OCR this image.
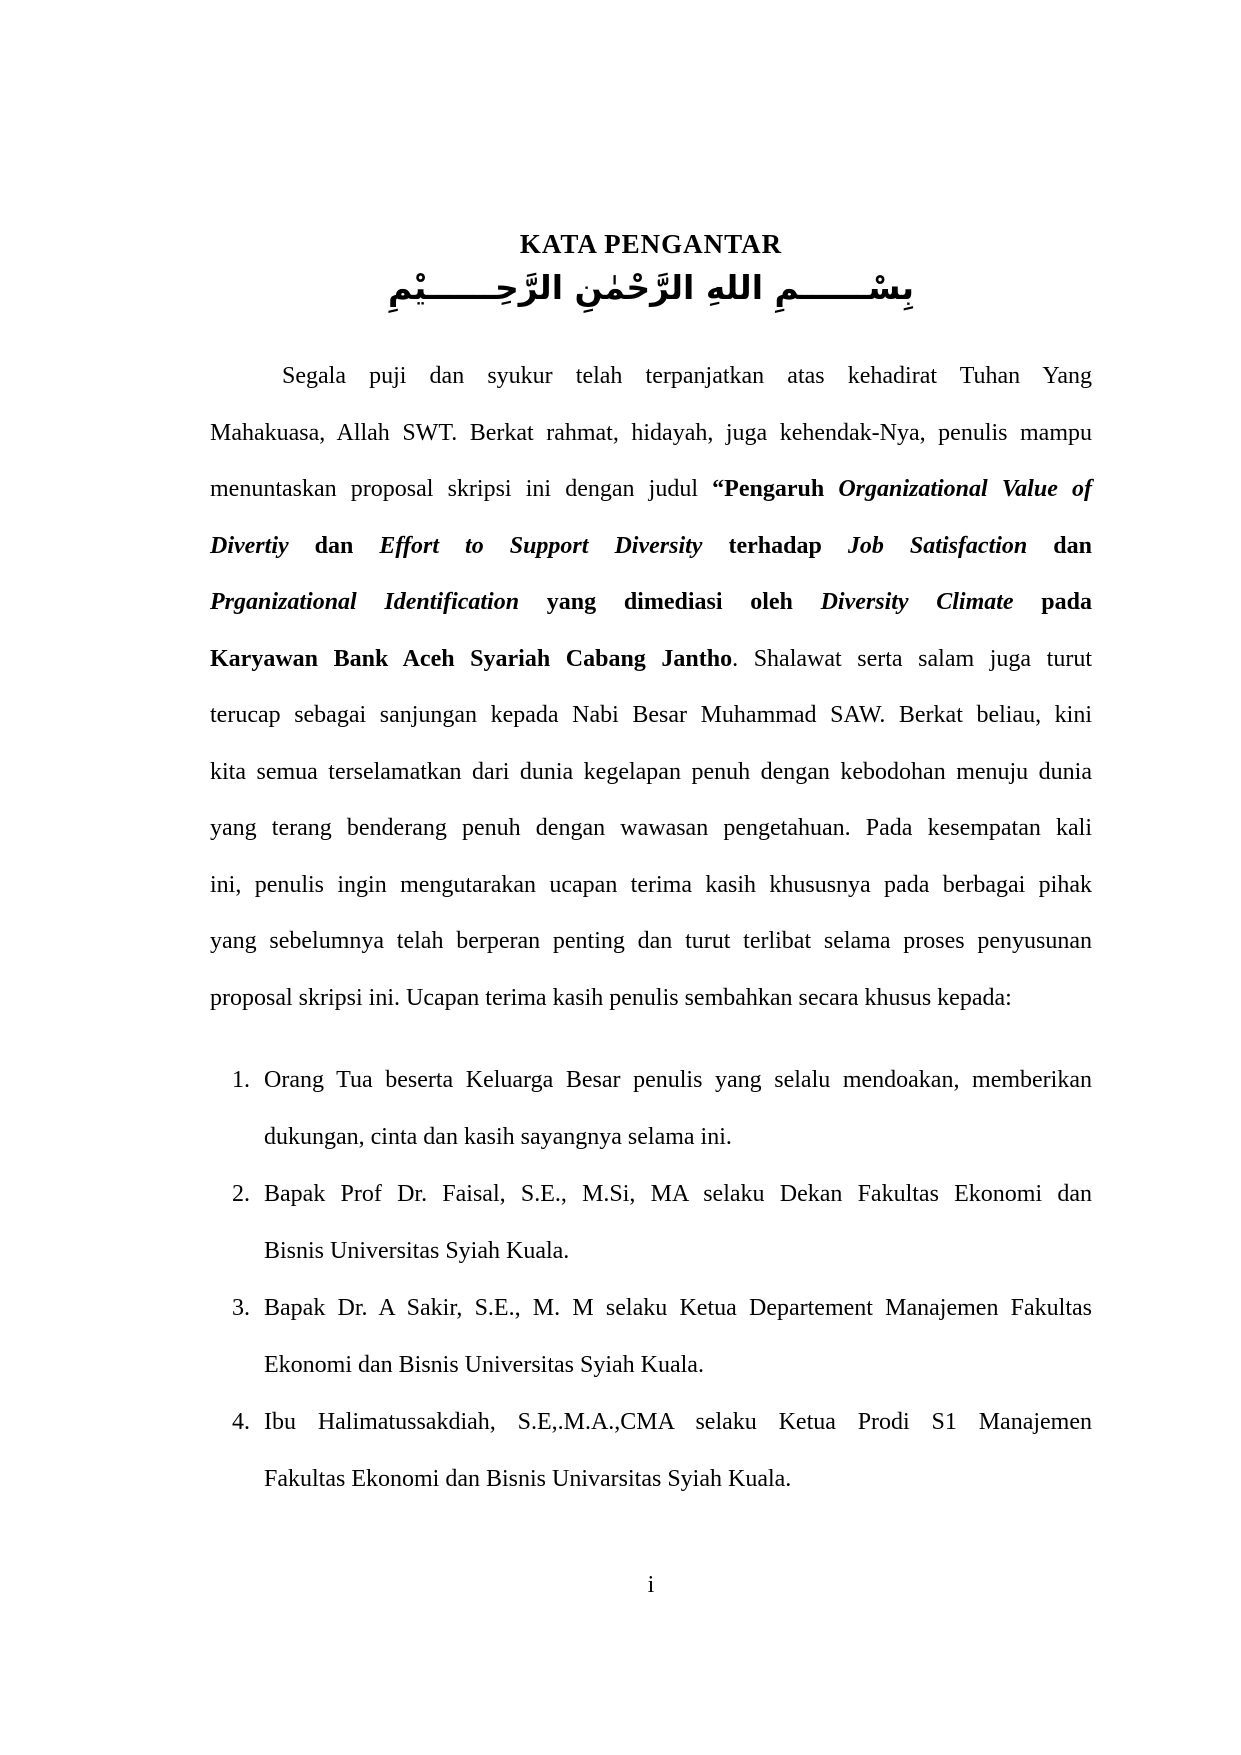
KATA PENGANTAR
بِسْــــــمِ اللهِ الرَّحْمٰنِ الرَّحِــــــيْمِ
Segala puji dan syukur telah terpanjatkan atas kehadirat Tuhan Yang
Mahakuasa, Allah SWT. Berkat rahmat, hidayah, juga kehendak-Nya, penulis mampu
menuntaskan proposal skripsi ini dengan judul “Pengaruh Organizational Value of
Divertiy dan Effort to Support Diversity terhadap Job Satisfaction dan
Prganizational Identification yang dimediasi oleh Diversity Climate pada
Karyawan Bank Aceh Syariah Cabang Jantho. Shalawat serta salam juga turut
terucap sebagai sanjungan kepada Nabi Besar Muhammad SAW. Berkat beliau, kini
kita semua terselamatkan dari dunia kegelapan penuh dengan kebodohan menuju dunia
yang terang benderang penuh dengan wawasan pengetahuan. Pada kesempatan kali
ini, penulis ingin mengutarakan ucapan terima kasih khususnya pada berbagai pihak
yang sebelumnya telah berperan penting dan turut terlibat selama proses penyusunan
proposal skripsi ini. Ucapan terima kasih penulis sembahkan secara khusus kepada:
1. Orang Tua beserta Keluarga Besar penulis yang selalu mendoakan, memberikan
dukungan, cinta dan kasih sayangnya selama ini.
2. Bapak Prof Dr. Faisal, S.E., M.Si, MA selaku Dekan Fakultas Ekonomi dan
Bisnis Universitas Syiah Kuala.
3. Bapak Dr. A Sakir, S.E., M. M selaku Ketua Departement Manajemen Fakultas
Ekonomi dan Bisnis Universitas Syiah Kuala.
4. Ibu Halimatussakdiah, S.E,.M.A.,CMA selaku Ketua Prodi S1 Manajemen
Fakultas Ekonomi dan Bisnis Univarsitas Syiah Kuala.
i
